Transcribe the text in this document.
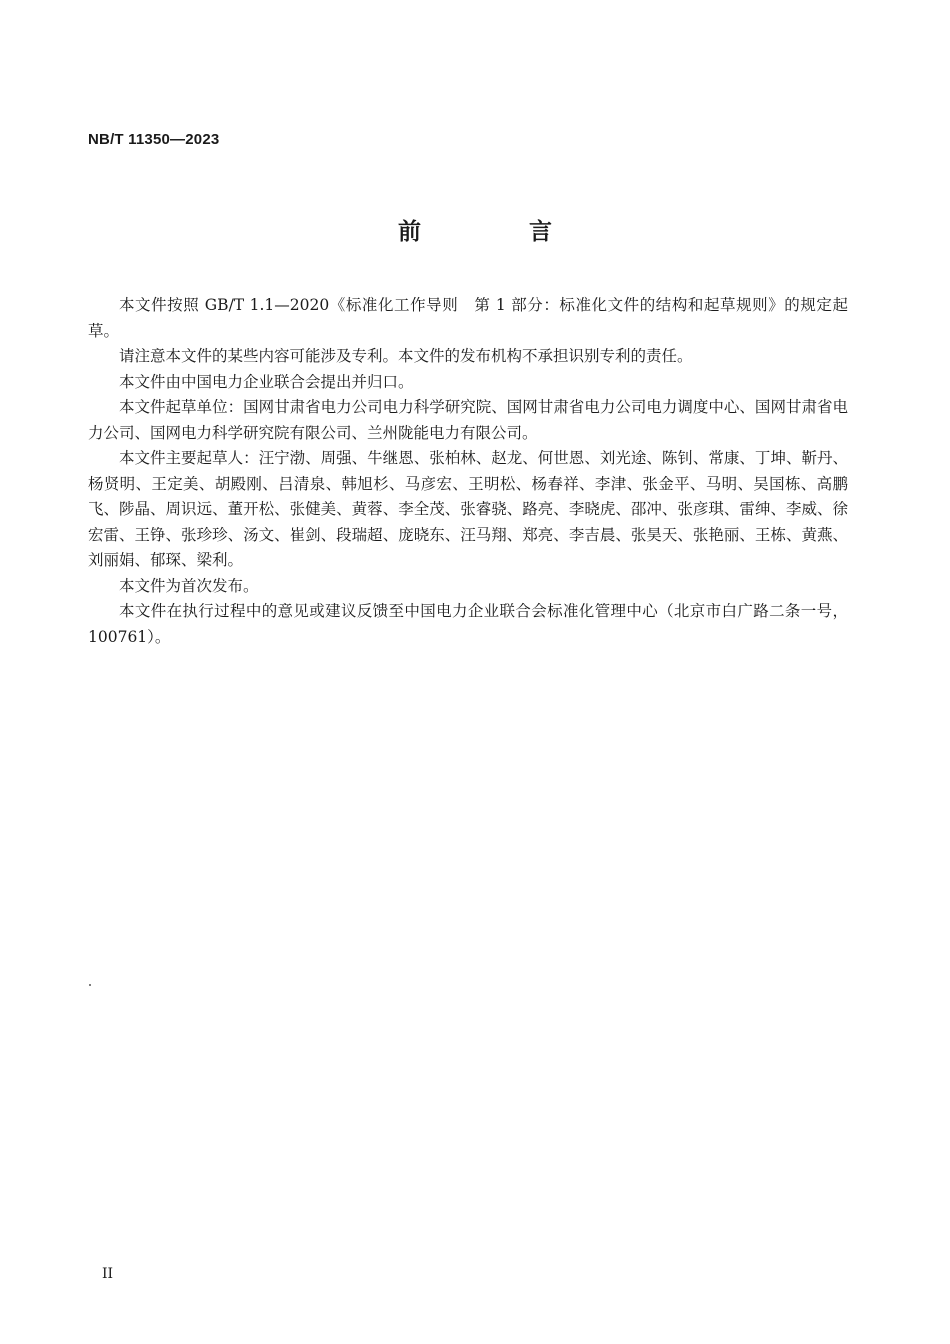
NB/T 11350—2023
前 言

本文件按照 GB/T 1.1—2020《标准化工作导则　第 1 部分：标准化文件的结构和起草规则》的规定起草。

请注意本文件的某些内容可能涉及专利。本文件的发布机构不承担识别专利的责任。

本文件由中国电力企业联合会提出并归口。

本文件起草单位：国网甘肃省电力公司电力科学研究院、国网甘肃省电力公司电力调度中心、国网甘肃省电力公司、国网电力科学研究院有限公司、兰州陇能电力有限公司。

本文件主要起草人：汪宁渤、周强、牛继恩、张柏林、赵龙、何世恩、刘光途、陈钊、常康、丁坤、靳丹、杨贤明、王定美、胡殿刚、吕清泉、韩旭杉、马彦宏、王明松、杨春祥、李津、张金平、马明、吴国栋、高鹏飞、陟晶、周识远、董开松、张健美、黄蓉、李全茂、张睿骁、路亮、李晓虎、邵冲、张彦琪、雷绅、李威、徐宏雷、王铮、张珍珍、汤文、崔剑、段瑞超、庞晓东、汪马翔、郑亮、李吉晨、张昊天、张艳丽、王栋、黄燕、刘丽娟、郁琛、梁利。

本文件为首次发布。

本文件在执行过程中的意见或建议反馈至中国电力企业联合会标准化管理中心（北京市白广路二条一号，100761）。

II
